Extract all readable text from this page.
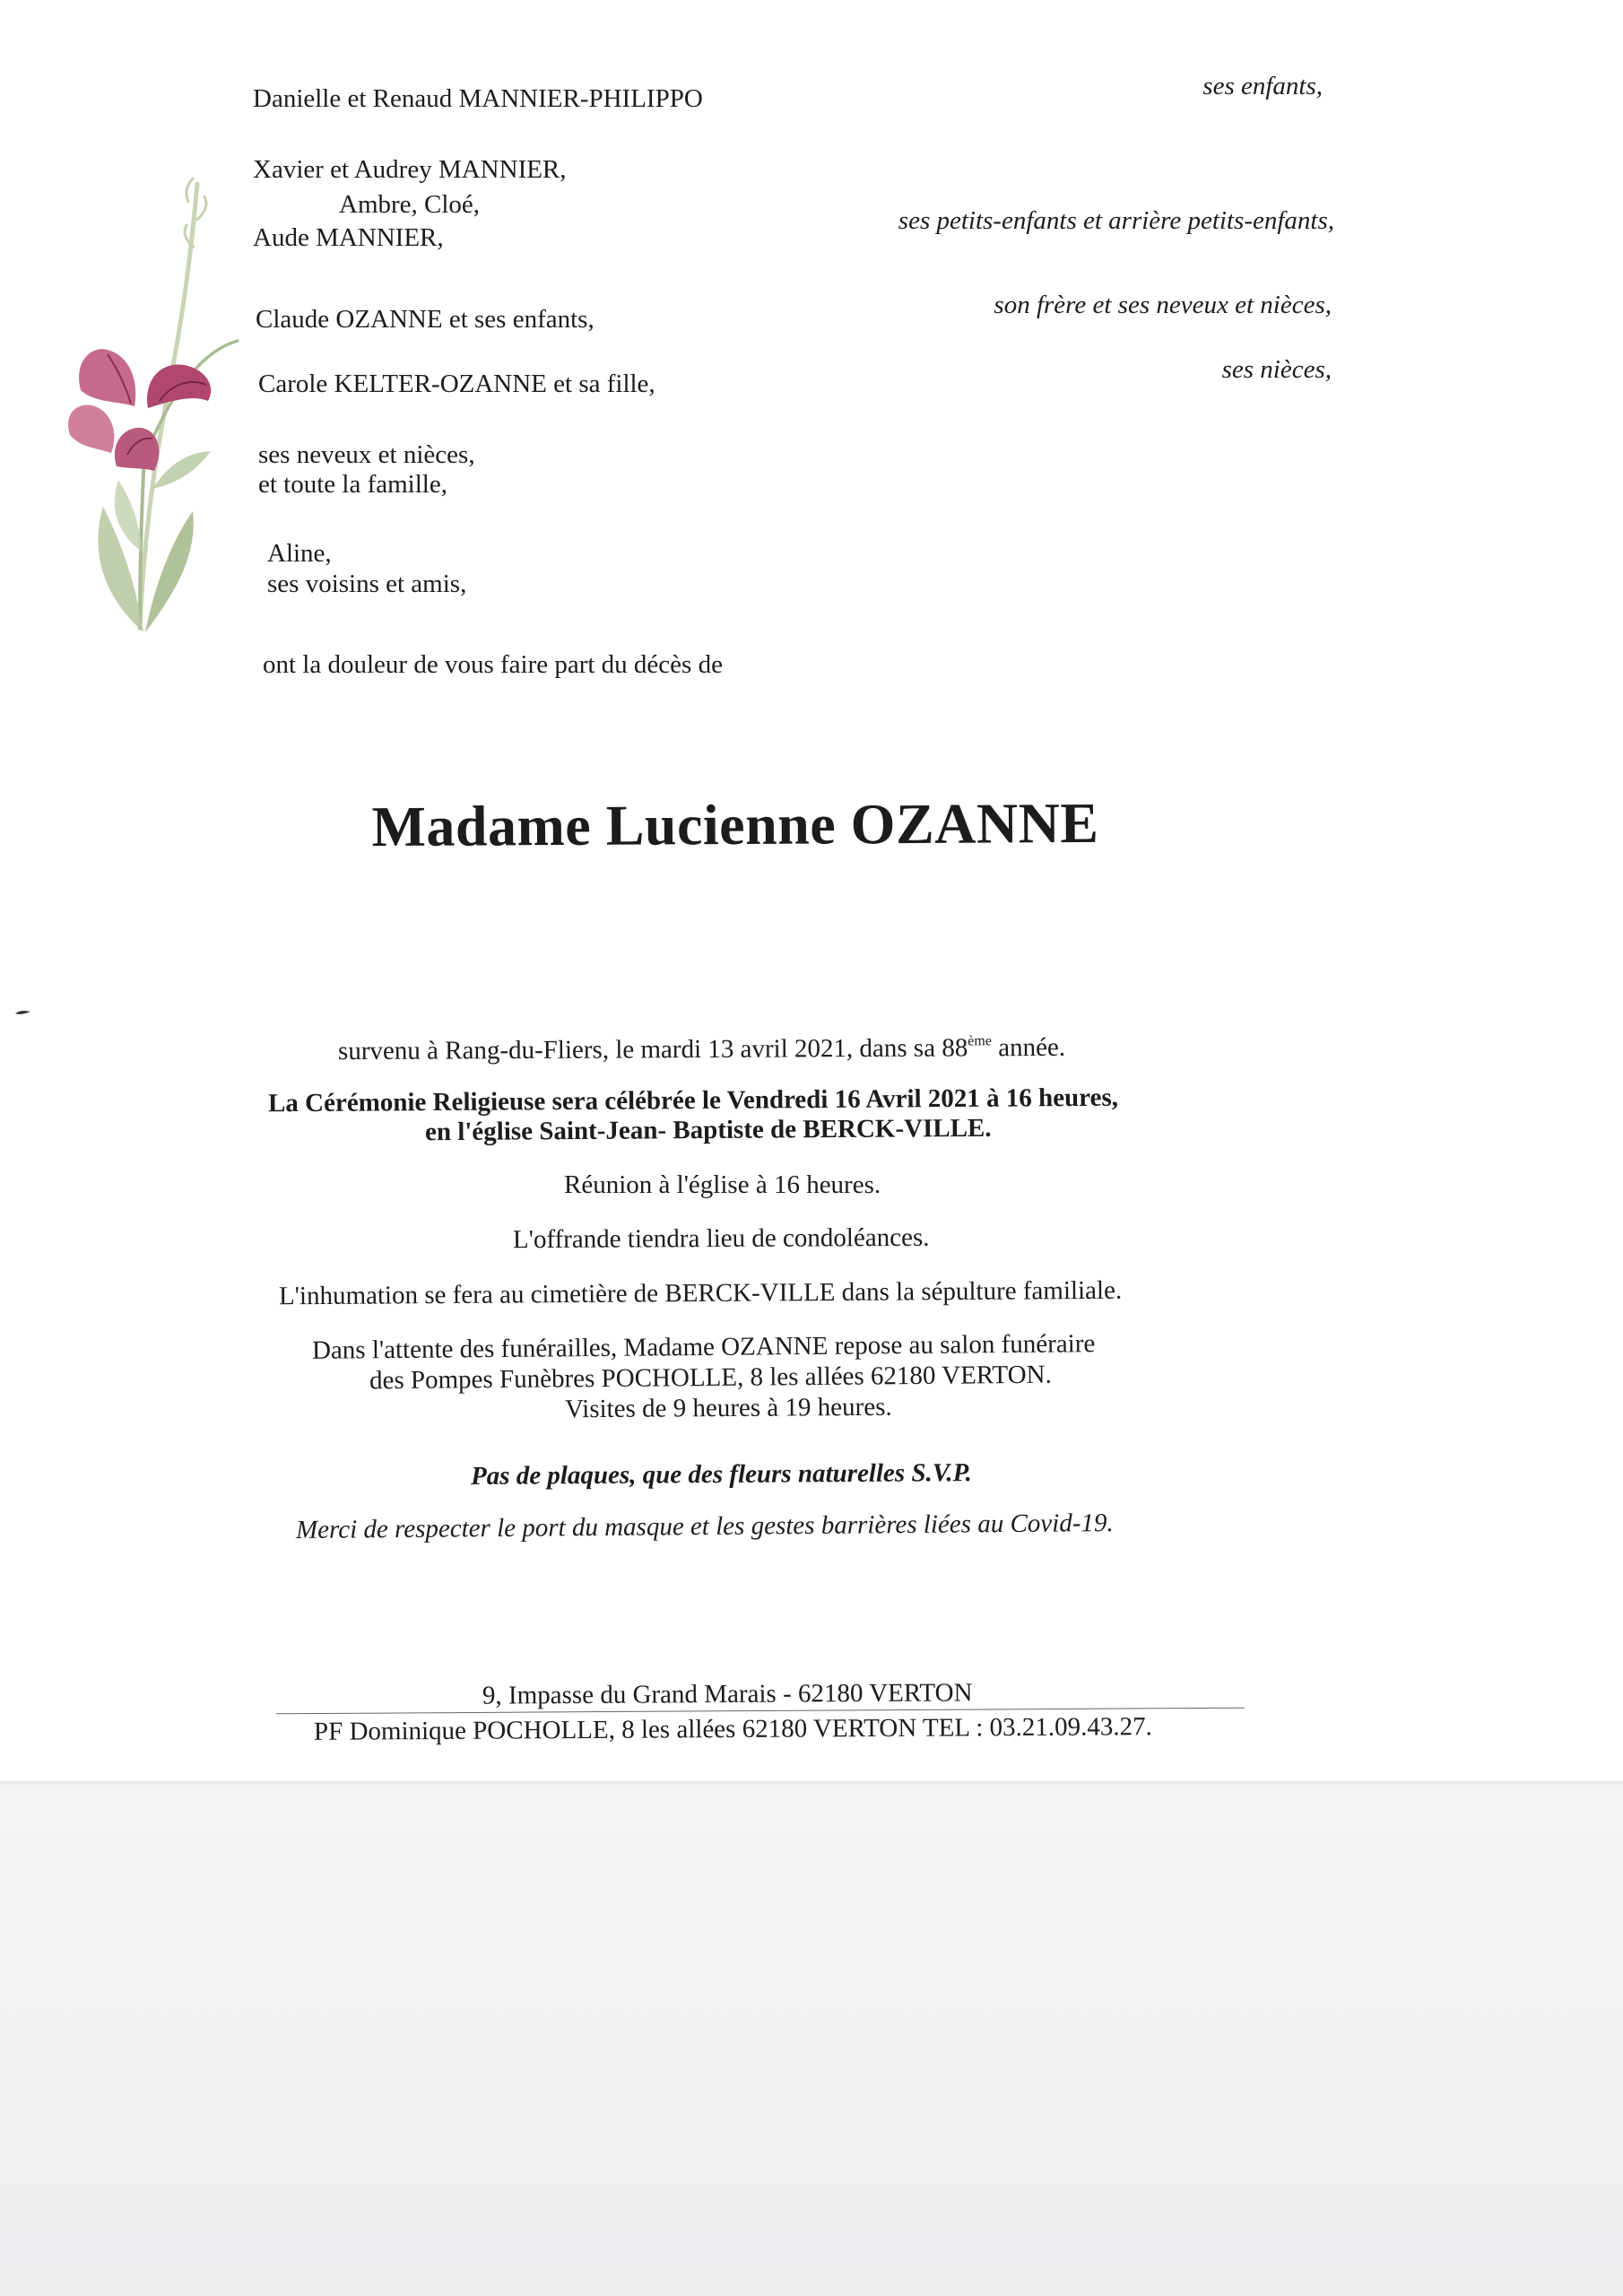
Danielle et Renaud MANNIER-PHILIPPO
Xavier et Audrey MANNIER,
Ambre, Cloé,
Aude MANNIER,
Claude OZANNE et ses enfants,
Carole KELTER-OZANNE et sa fille,
ses neveux et nièces,
et toute la famille,
Aline,
ses voisins et amis,
ses enfants,
ses petits-enfants et arrière petits-enfants,
son frère et ses neveux et nièces,
ses nièces,
ont la douleur de vous faire part du décès de
Madame Lucienne OZANNE
survenu à Rang-du-Fliers, le mardi 13 avril 2021, dans sa 88ème année.
La Cérémonie Religieuse sera célébrée le Vendredi 16 Avril 2021 à 16 heures,
en l'église Saint-Jean- Baptiste de BERCK-VILLE.
Réunion à l'église à 16 heures.
L'offrande tiendra lieu de condoléances.
L'inhumation se fera au cimetière de BERCK-VILLE dans la sépulture familiale.
Dans l'attente des funérailles, Madame OZANNE repose au salon funéraire
des Pompes Funèbres POCHOLLE, 8 les allées 62180 VERTON.
Visites de 9 heures à 19 heures.
Pas de plaques, que des fleurs naturelles S.V.P.
Merci de respecter le port du masque et les gestes barrières liées au Covid-19.
9, Impasse du Grand Marais - 62180 VERTON
PF Dominique POCHOLLE, 8 les allées 62180 VERTON TEL : 03.21.09.43.27.
